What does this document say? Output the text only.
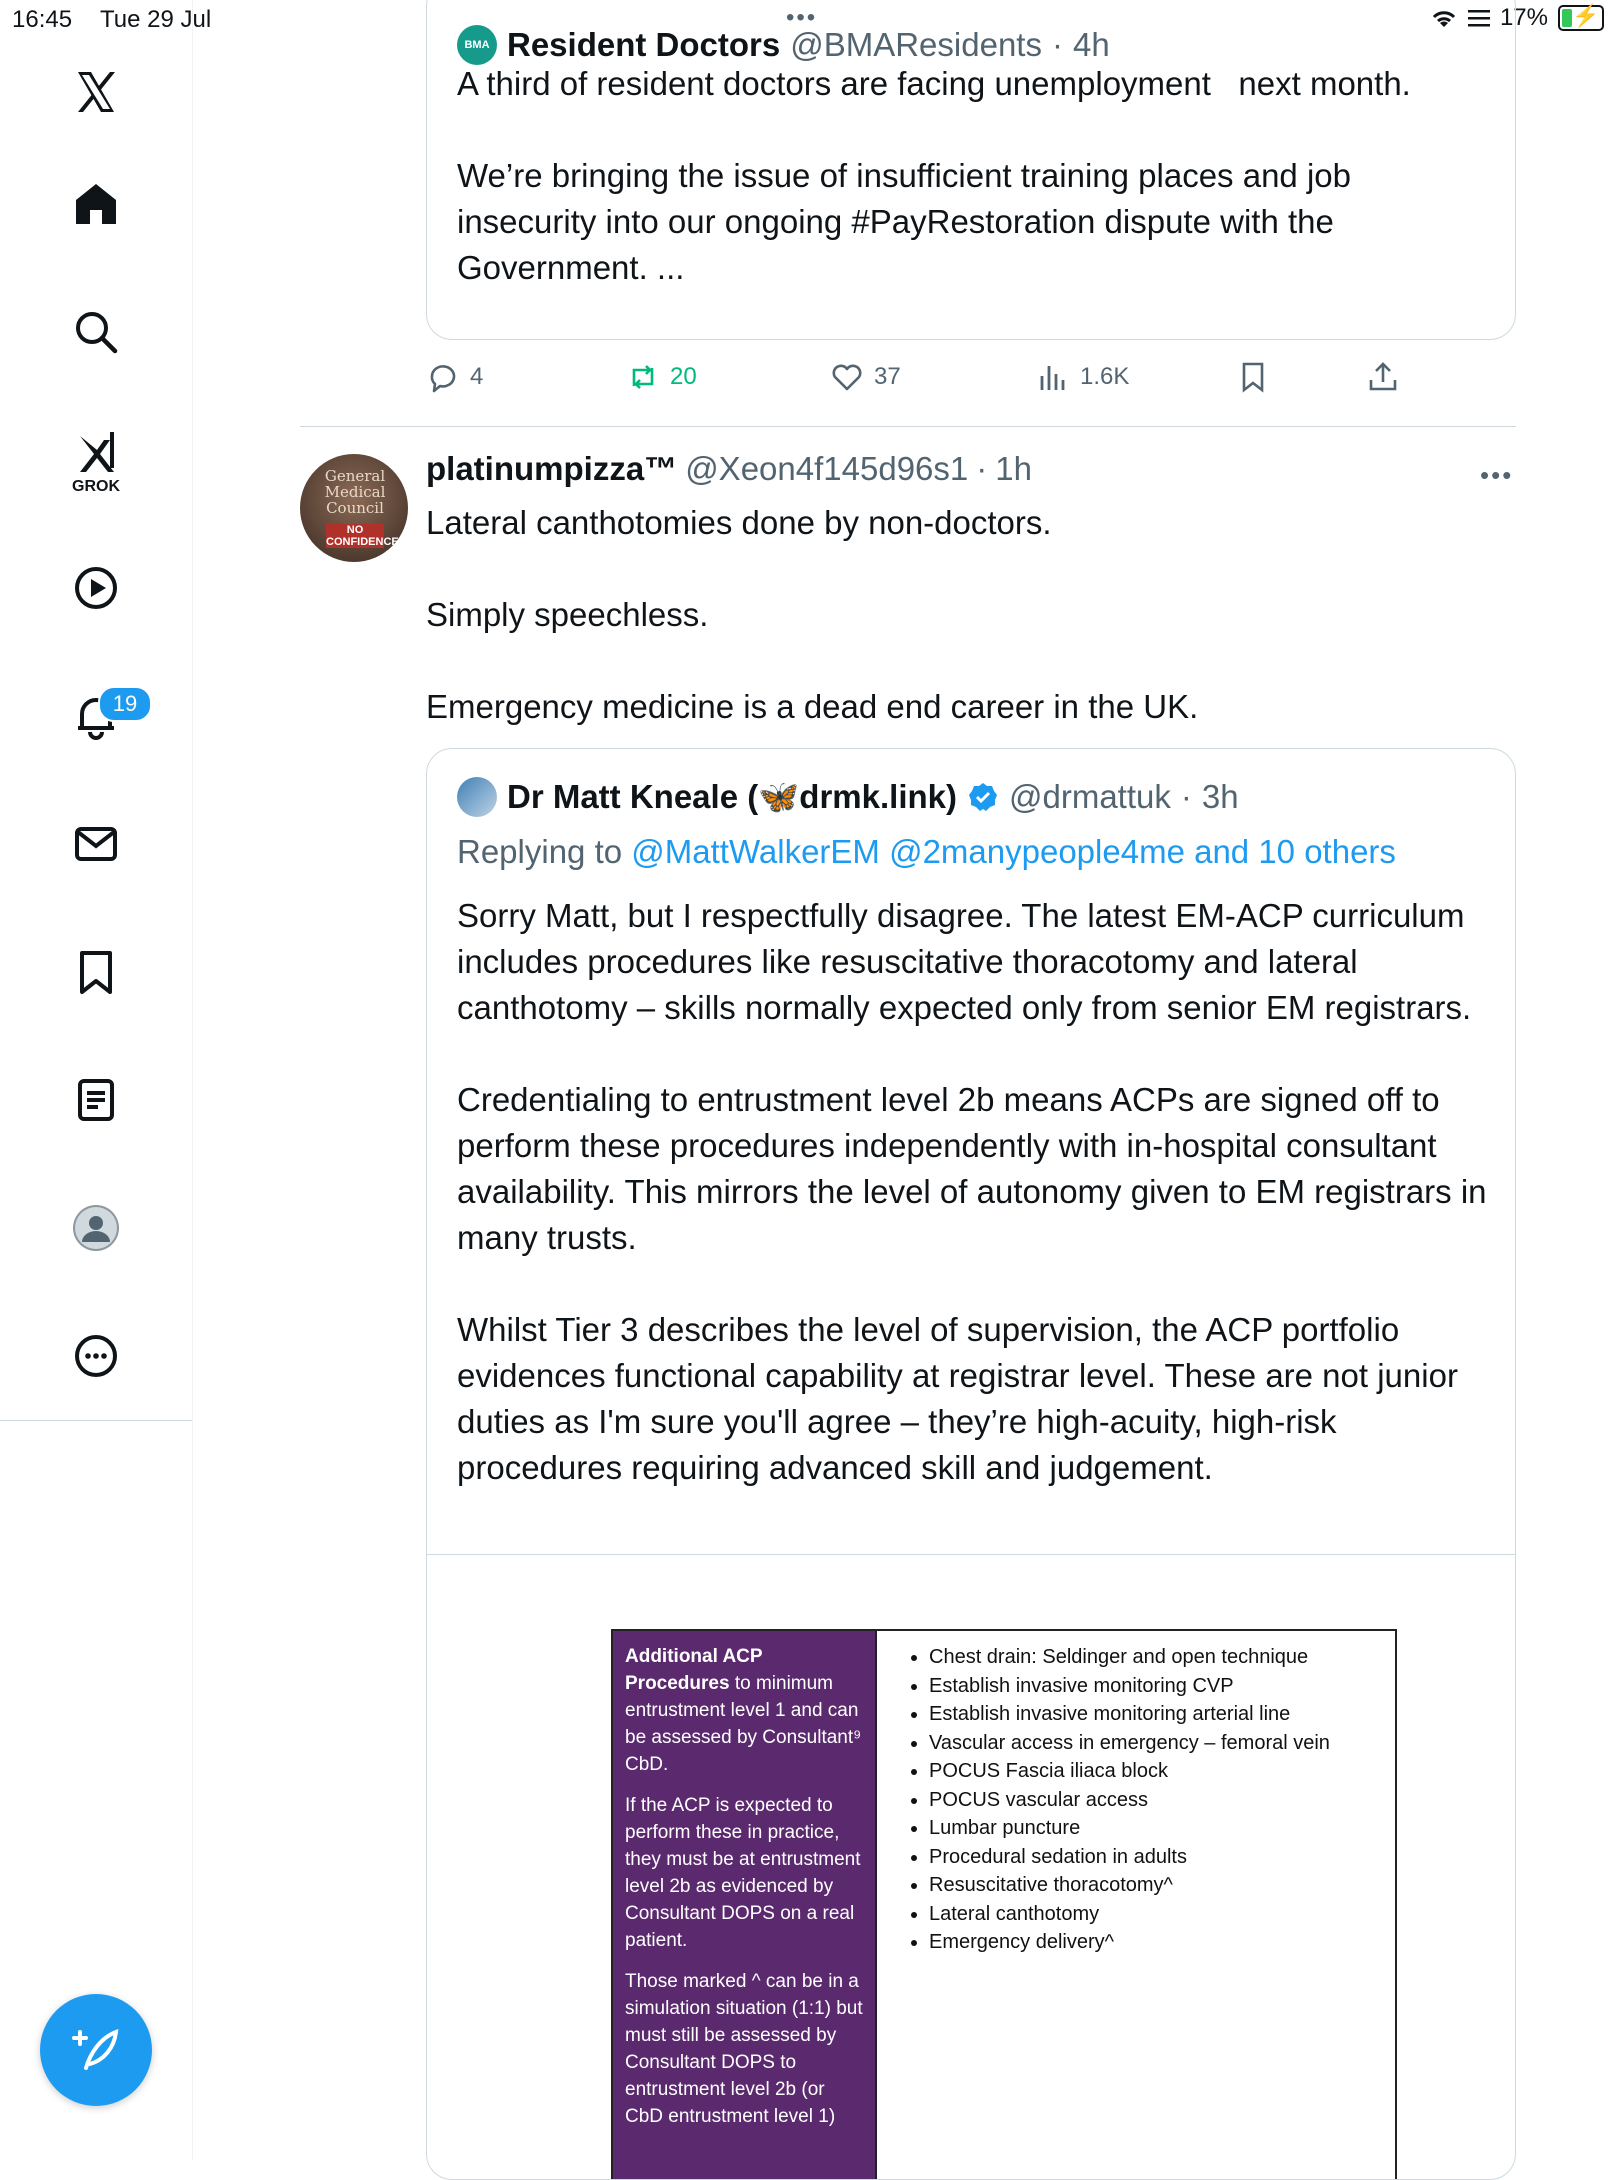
16:45 Tue 29 Jul	•••	17% ⚡
GROK
19
BMA Resident Doctors @BMAResidents · 4h
A third of resident doctors are facing unemployment   next month.

We’re bringing the issue of insufficient training places and job insecurity into our ongoing #PayRestoration dispute with the Government. ...
4	20	37	1.6K
General Medical Council
NO CONFIDENCE
platinumpizza™ @Xeon4f145d96s1 · 1h	•••
Lateral canthotomies done by non-doctors.

Simply speechless.

Emergency medicine is a dead end career in the UK.
Dr Matt Kneale (🦋drmk.link) @drmattuk · 3h
Replying to @MattWalkerEM @2manypeople4me and 10 others
Sorry Matt, but I respectfully disagree. The latest EM-ACP curriculum includes procedures like resuscitative thoracotomy and lateral canthotomy – skills normally expected only from senior EM registrars.

Credentialing to entrustment level 2b means ACPs are signed off to perform these procedures independently with in-hospital consultant availability. This mirrors the level of autonomy given to EM registrars in many trusts.

Whilst Tier 3 describes the level of supervision, the ACP portfolio evidences functional capability at registrar level. These are not junior duties as I'm sure you'll agree – they’re high-acuity, high-risk procedures requiring advanced skill and judgement.

Additional ACP Procedures to minimum entrustment level 1 and can be assessed by Consultant⁹ CbD.

If the ACP is expected to perform these in practice, they must be at entrustment level 2b as evidenced by Consultant DOPS on a real patient.

Those marked ^ can be in a simulation situation (1:1) but must still be assessed by Consultant DOPS to entrustment level 2b (or CbD entrustment level 1)

• Chest drain: Seldinger and open technique
• Establish invasive monitoring CVP
• Establish invasive monitoring arterial line
• Vascular access in emergency – femoral vein
• POCUS Fascia iliaca block
• POCUS vascular access
• Lumbar puncture
• Procedural sedation in adults
• Resuscitative thoracotomy^
• Lateral canthotomy
• Emergency delivery^
